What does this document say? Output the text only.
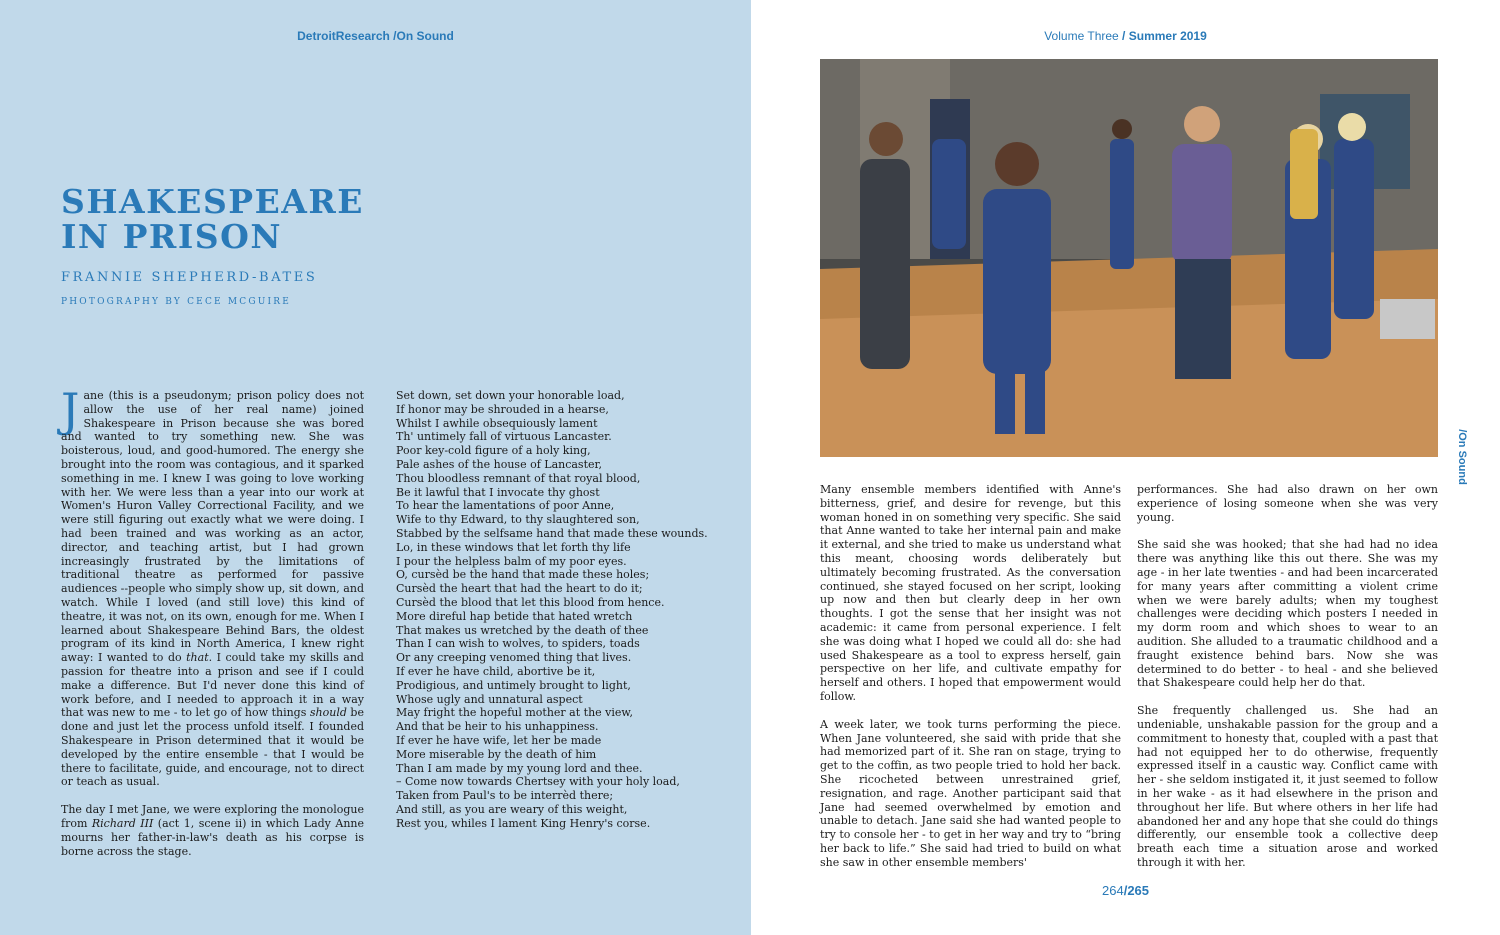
DetroitResearch /On Sound
SHAKESPEARE
IN PRISON
FRANNIE SHEPHERD-BATES
PHOTOGRAPHY BY CECE MCGUIRE

Jane (this is a pseudonym; prison policy does not allow the use of her real name) joined Shakespeare in Prison because she was bored and wanted to try something new. She was boisterous, loud, and good-humored. The energy she brought into the room was contagious, and it sparked something in me. I knew I was going to love working with her. We were less than a year into our work at Women's Huron Valley Correctional Facility, and we were still figuring out exactly what we were doing. I had been trained and was working as an actor, director, and teaching artist, but I had grown increasingly frustrated by the limitations of traditional theatre as performed for passive audiences --people who simply show up, sit down, and watch. While I loved (and still love) this kind of theatre, it was not, on its own, enough for me. When I learned about Shakespeare Behind Bars, the oldest program of its kind in North America, I knew right away: I wanted to do that. I could take my skills and passion for theatre into a prison and see if I could make a difference. But I'd never done this kind of work before, and I needed to approach it in a way that was new to me - to let go of how things should be done and just let the process unfold itself. I founded Shakespeare in Prison determined that it would be developed by the entire ensemble - that I would be there to facilitate, guide, and encourage, not to direct or teach as usual.

The day I met Jane, we were exploring the monologue from Richard III (act 1, scene ii) in which Lady Anne mourns her father-in-law's death as his corpse is borne across the stage.

Set down, set down your honorable load,
If honor may be shrouded in a hearse,
Whilst I awhile obsequiously lament
Th' untimely fall of virtuous Lancaster.
Poor key-cold figure of a holy king,
Pale ashes of the house of Lancaster,
Thou bloodless remnant of that royal blood,
Be it lawful that I invocate thy ghost
To hear the lamentations of poor Anne,
Wife to thy Edward, to thy slaughtered son,
Stabbed by the selfsame hand that made these wounds.
Lo, in these windows that let forth thy life
I pour the helpless balm of my poor eyes.
O, cursèd be the hand that made these holes;
Cursèd the heart that had the heart to do it;
Cursèd the blood that let this blood from hence.
More direful hap betide that hated wretch
That makes us wretched by the death of thee
Than I can wish to wolves, to spiders, toads
Or any creeping venomed thing that lives.
If ever he have child, abortive be it,
Prodigious, and untimely brought to light,
Whose ugly and unnatural aspect
May fright the hopeful mother at the view,
And that be heir to his unhappiness.
If ever he have wife, let her be made
More miserable by the death of him
Than I am made by my young lord and thee.
– Come now towards Chertsey with your holy load,
Taken from Paul's to be interrèd there;
And still, as you are weary of this weight,
Rest you, whiles I lament King Henry's corse.
Volume Three / Summer 2019
/On Sound

Many ensemble members identified with Anne's bitterness, grief, and desire for revenge, but this woman honed in on something very specific. She said that Anne wanted to take her internal pain and make it external, and she tried to make us understand what this meant, choosing words deliberately but ultimately becoming frustrated. As the conversation continued, she stayed focused on her script, looking up now and then but clearly deep in her own thoughts. I got the sense that her insight was not academic: it came from personal experience. I felt she was doing what I hoped we could all do: she had used Shakespeare as a tool to express herself, gain perspective on her life, and cultivate empathy for herself and others. I hoped that empowerment would follow.

A week later, we took turns performing the piece. When Jane volunteered, she said with pride that she had memorized part of it. She ran on stage, trying to get to the coffin, as two people tried to hold her back. She ricocheted between unrestrained grief, resignation, and rage. Another participant said that Jane had seemed overwhelmed by emotion and unable to detach. Jane said she had wanted people to try to console her - to get in her way and try to “bring her back to life.” She said had tried to build on what she saw in other ensemble members'

performances. She had also drawn on her own experience of losing someone when she was very young.

She said she was hooked; that she had had no idea there was anything like this out there. She was my age - in her late twenties - and had been incarcerated for many years after committing a violent crime when we were barely adults; when my toughest challenges were deciding which posters I needed in my dorm room and which shoes to wear to an audition. She alluded to a traumatic childhood and a fraught existence behind bars. Now she was determined to do better - to heal - and she believed that Shakespeare could help her do that.

She frequently challenged us. She had an undeniable, unshakable passion for the group and a commitment to honesty that, coupled with a past that had not equipped her to do otherwise, frequently expressed itself in a caustic way. Conflict came with her - she seldom instigated it, it just seemed to follow in her wake - as it had elsewhere in the prison and throughout her life. But where others in her life had abandoned her and any hope that she could do things differently, our ensemble took a collective deep breath each time a situation arose and worked through it with her.

264/265
